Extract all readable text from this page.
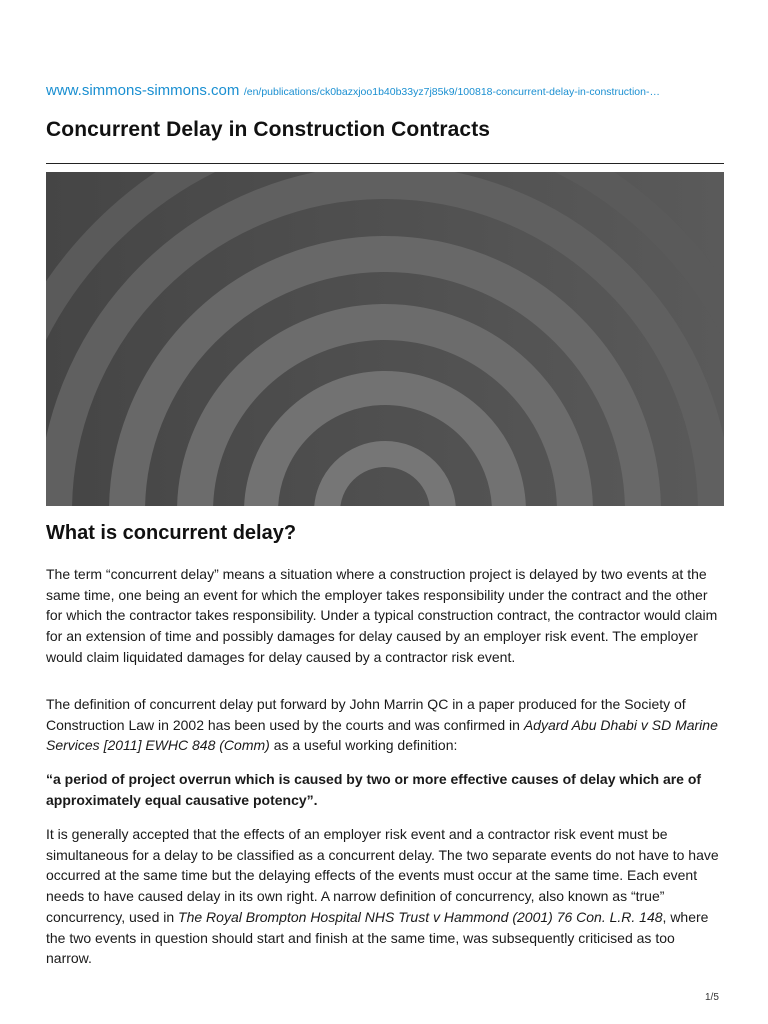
www.simmons-simmons.com /en/publications/ck0bazxjoo1b40b33yz7j85k9/100818-concurrent-delay-in-construction-…
Concurrent Delay in Construction Contracts
What is concurrent delay?

The term “concurrent delay” means a situation where a construction project is delayed by two events at the same time, one being an event for which the employer takes responsibility under the contract and the other for which the contractor takes responsibility. Under a typical construction contract, the contractor would claim for an extension of time and possibly damages for delay caused by an employer risk event. The employer would claim liquidated damages for delay caused by a contractor risk event.

The definition of concurrent delay put forward by John Marrin QC in a paper produced for the Society of Construction Law in 2002 has been used by the courts and was confirmed in Adyard Abu Dhabi v SD Marine Services [2011] EWHC 848 (Comm) as a useful working definition:

“a period of project overrun which is caused by two or more effective causes of delay which are of approximately equal causative potency”.

It is generally accepted that the effects of an employer risk event and a contractor risk event must be simultaneous for a delay to be classified as a concurrent delay. The two separate events do not have to have occurred at the same time but the delaying effects of the events must occur at the same time. Each event needs to have caused delay in its own right. A narrow definition of concurrency, also known as “true” concurrency, used in The Royal Brompton Hospital NHS Trust v Hammond (2001) 76 Con. L.R. 148, where the two events in question should start and finish at the same time, was subsequently criticised as too narrow.

1/5
